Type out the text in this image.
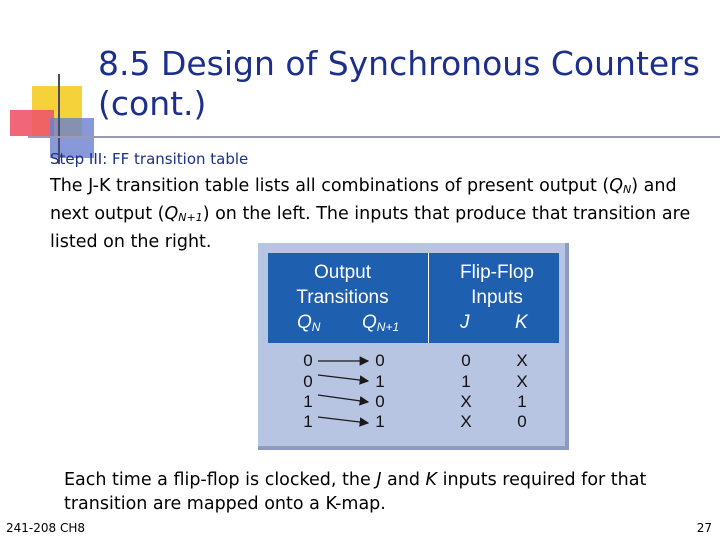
8.5 Design of Synchronous Counters (cont.)
Step III: FF transition table
The J-K transition table lists all combinations of present output (QN) and next output (QN+1) on the left. The inputs that produce that transition are listed on the right.
Output
Transitions
Flip-Flop
Inputs
QN QN+1	J K
0	0	0	X
0	1	1	X
1	0	X	1
1	1	X	0
Each time a flip-flop is clocked, the J and K inputs required for that transition are mapped onto a K-map.
241-208 CH8	27
